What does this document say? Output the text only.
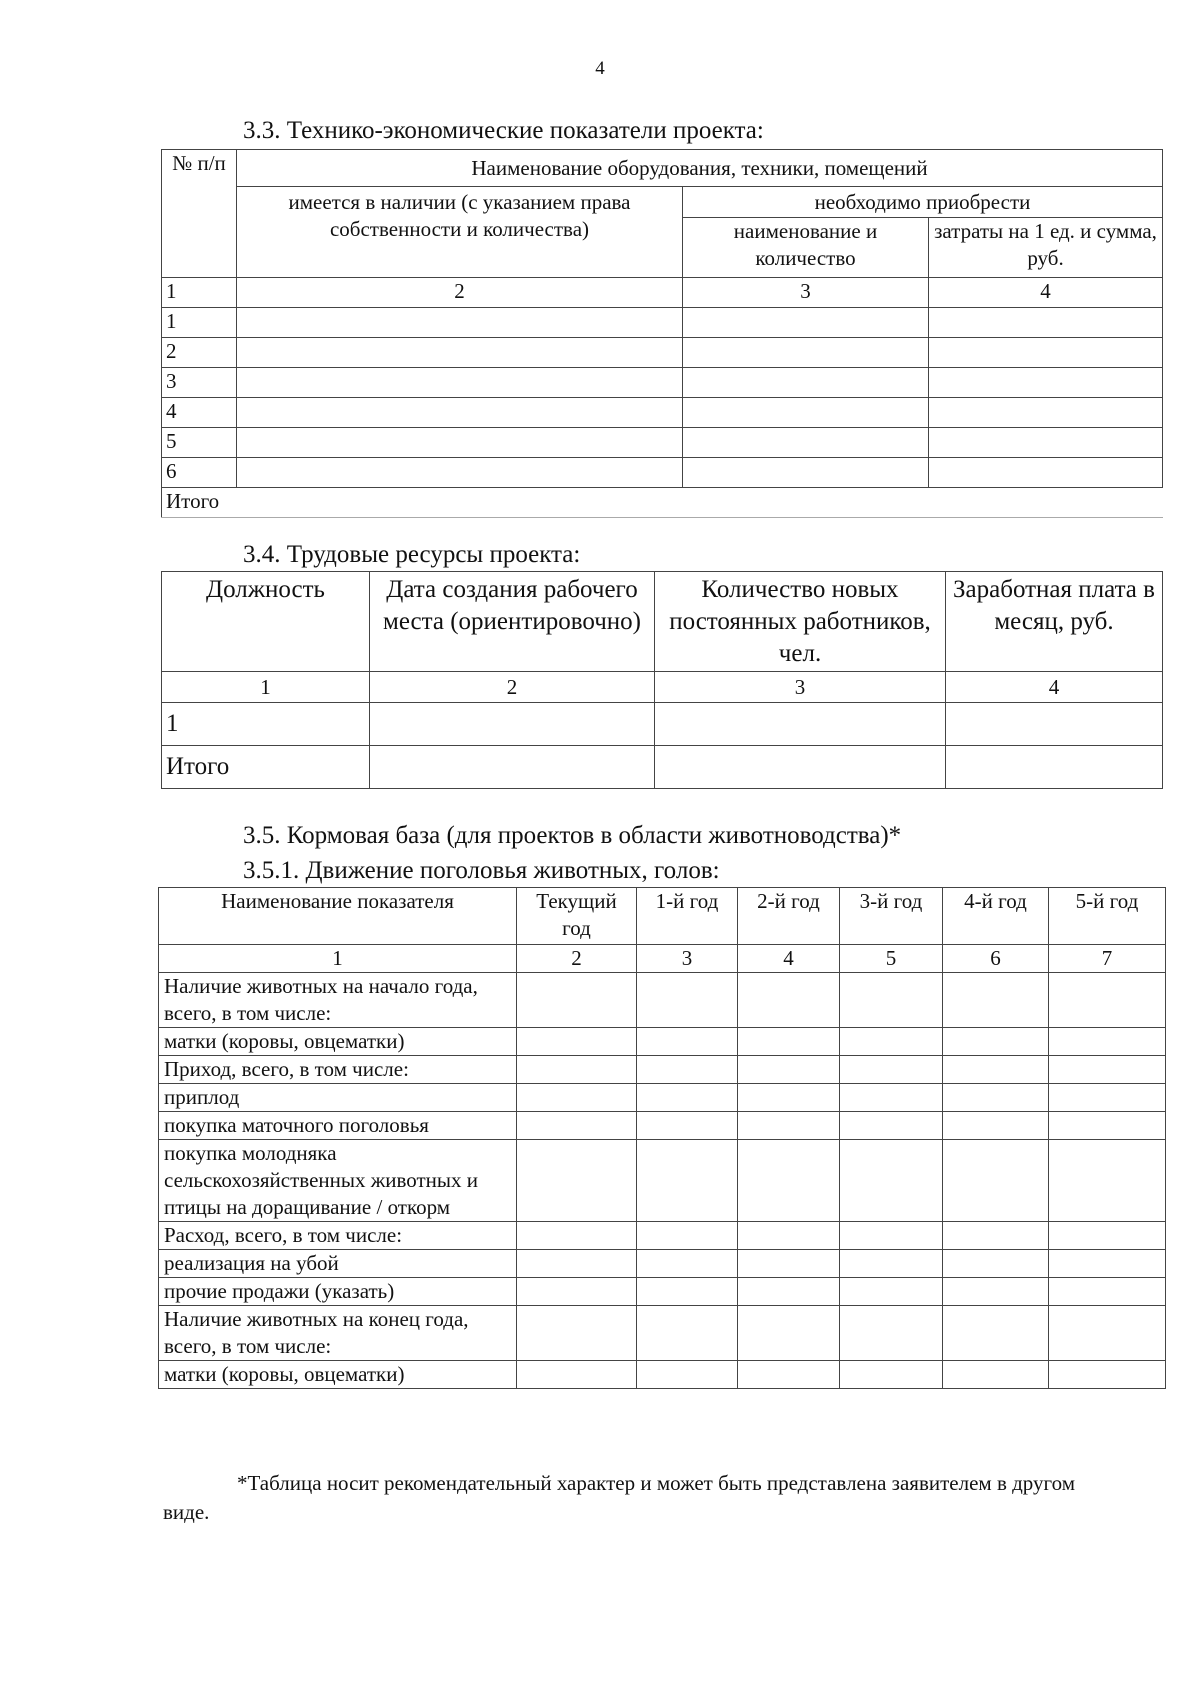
4
3.3. Технико-экономические показатели проекта:
№ п/п	Наименование оборудования, техники, помещений		
	имеется в наличии (с указанием права собственности и количества)	необходимо приобрести	
		наименование и количество	затраты на 1 ед. и сумма, руб.
1	2	3	4
1			
2			
3			
4			
5			
6			
Итого			
3.4. Трудовые ресурсы проекта:
Должность	Дата создания рабочего места (ориентировочно)	Количество новых постоянных работников, чел.	Заработная плата в месяц, руб.
1	2	3	4
1			
Итого			
3.5. Кормовая база (для проектов в области животноводства)*
3.5.1. Движение поголовья животных, голов:
Наименование показателя	Текущий год	1-й год	2-й год	3-й год	4-й год	5-й год
1	2	3	4	5	6	7
Наличие животных на начало года, всего, в том числе:						
матки (коровы, овцематки)						
Приход, всего, в том числе:						
приплод						
покупка маточного поголовья						
покупка молодняка сельскохозяйственных животных и птицы на доращивание / откорм						
Расход, всего, в том числе:						
реализация на убой						
прочие продажи (указать)						
Наличие животных на конец года, всего, в том числе:						
матки (коровы, овцематки)						
*Таблица носит рекомендательный характер и может быть представлена заявителем в другом виде.
